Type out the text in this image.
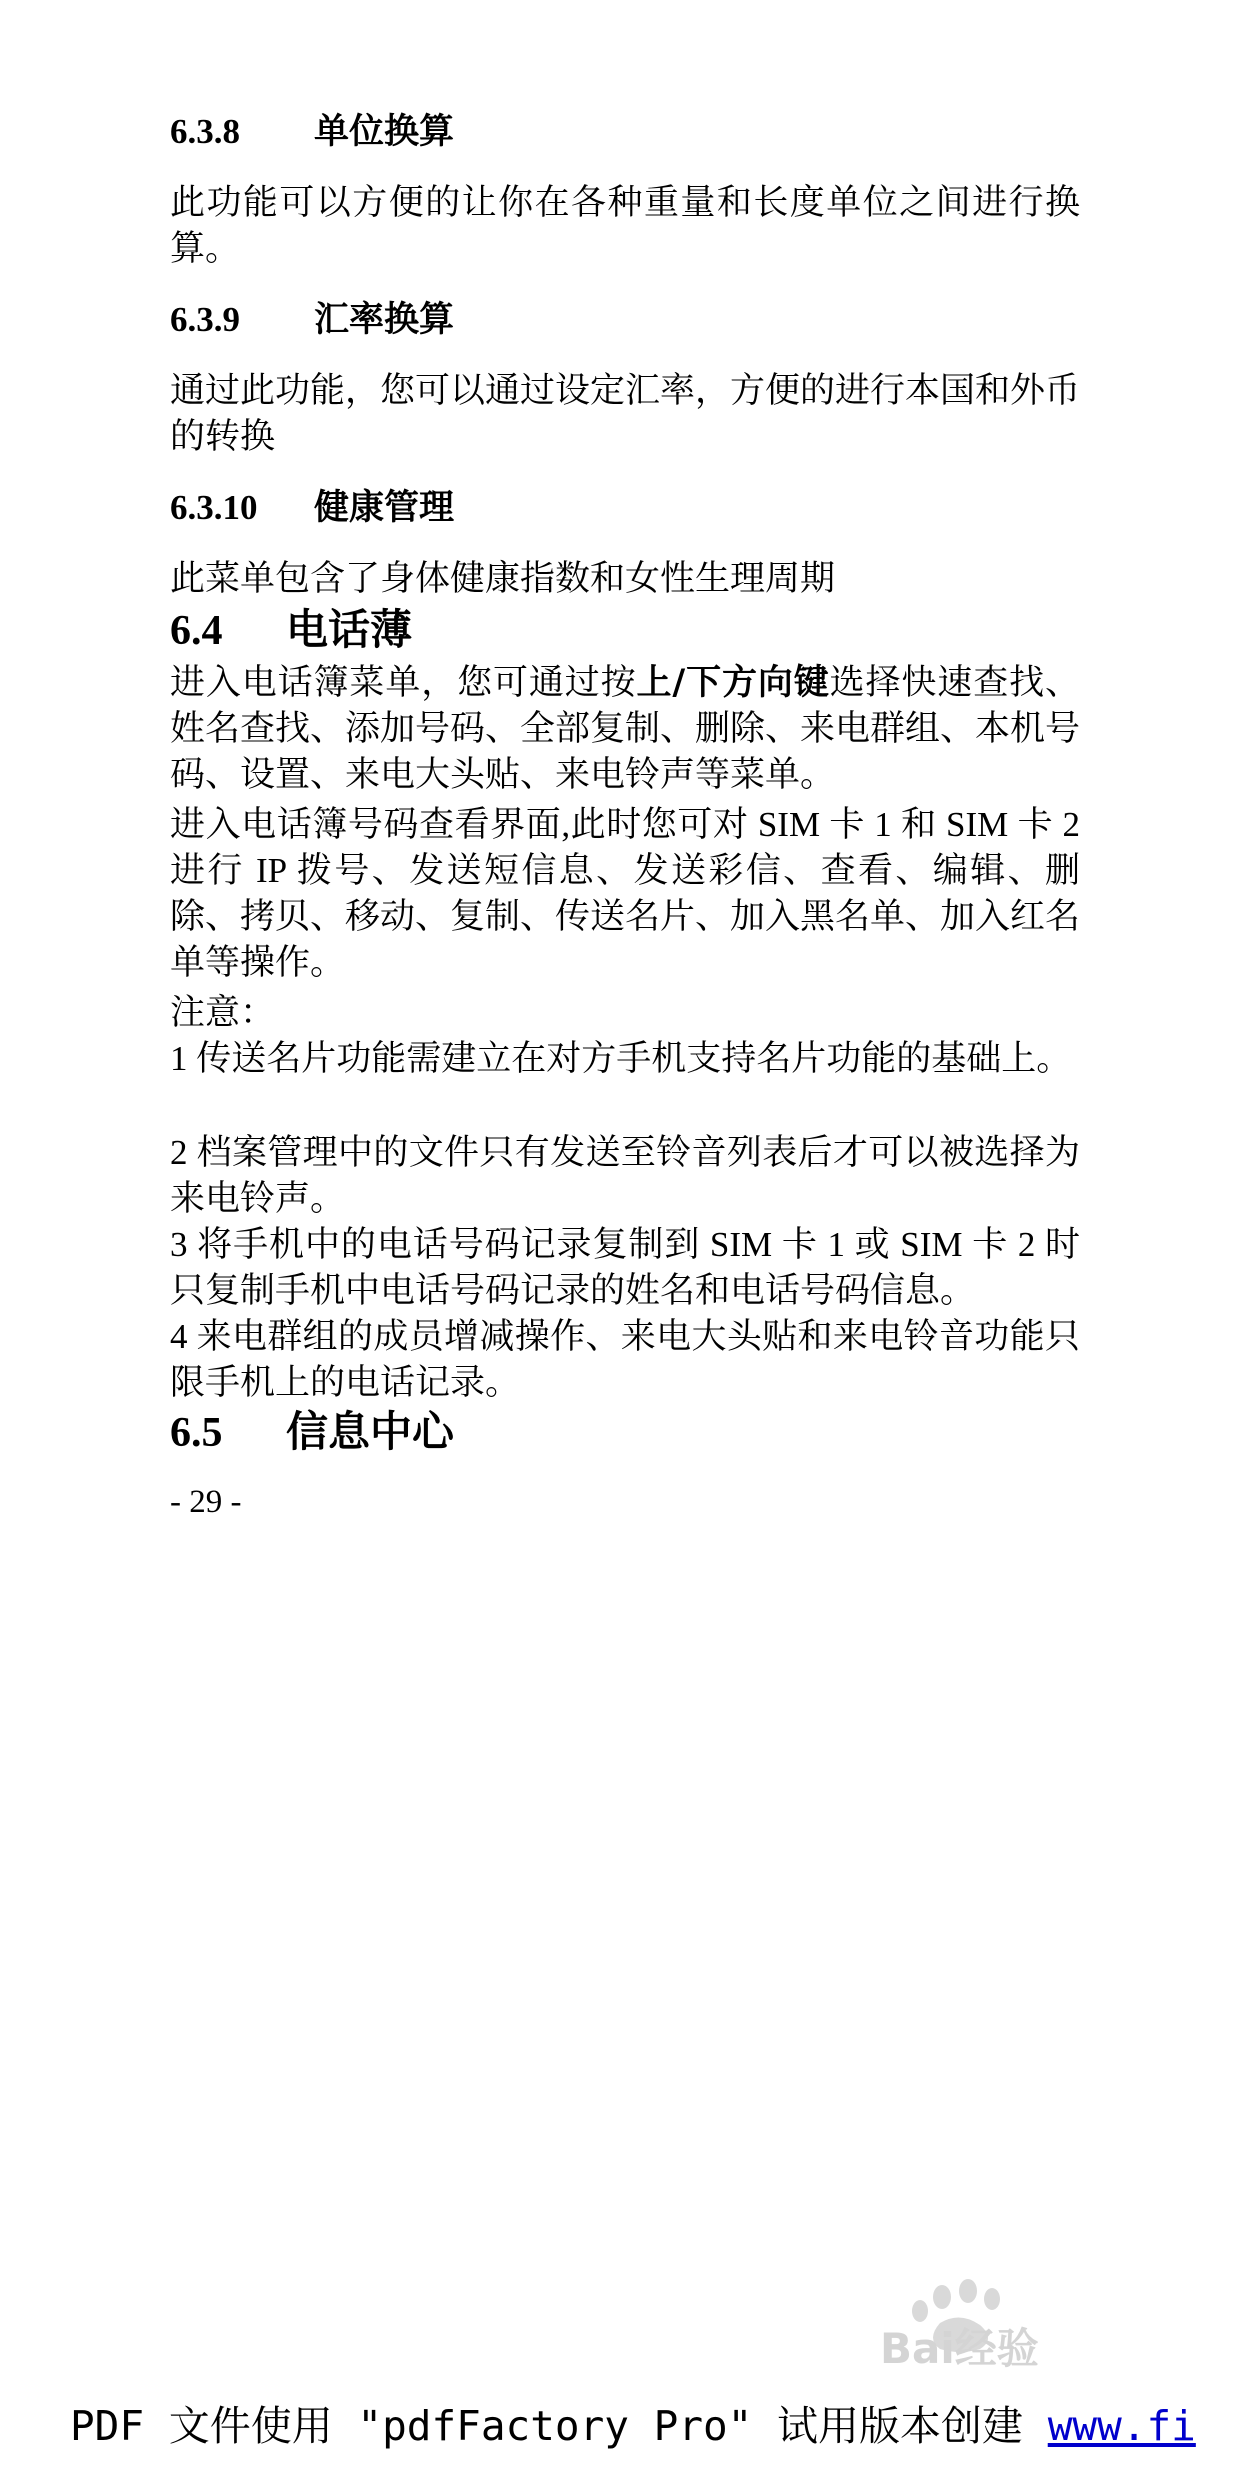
6.3.8 单位换算

此功能可以方便的让你在各种重量和长度单位之间进行换算。

6.3.9 汇率换算

通过此功能，您可以通过设定汇率，方便的进行本国和外币的转换

6.3.10 健康管理

此菜单包含了身体健康指数和女性生理周期

6.4 电话薄

进入电话簿菜单，您可通过按上/下方向键选择快速查找、姓名查找、添加号码、全部复制、删除、来电群组、本机号码、设置、来电大头贴、来电铃声等菜单。

进入电话簿号码查看界面,此时您可对 SIM 卡 1 和 SIM 卡 2 进行 IP 拨号、发送短信息、发送彩信、查看、编辑、删除、拷贝、移动、复制、传送名片、加入黑名单、加入红名单等操作。

注意：

1 传送名片功能需建立在对方手机支持名片功能的基础上。

2 档案管理中的文件只有发送至铃音列表后才可以被选择为来电铃声。

3 将手机中的电话号码记录复制到 SIM 卡 1 或 SIM 卡 2 时只复制手机中电话号码记录的姓名和电话号码信息。

4 来电群组的成员增减操作、来电大头贴和来电铃音功能只限手机上的电话记录。

6.5 信息中心

- 29 -

Bai经验
PDF 文件使用 "pdfFactory Pro" 试用版本创建 www.fi
